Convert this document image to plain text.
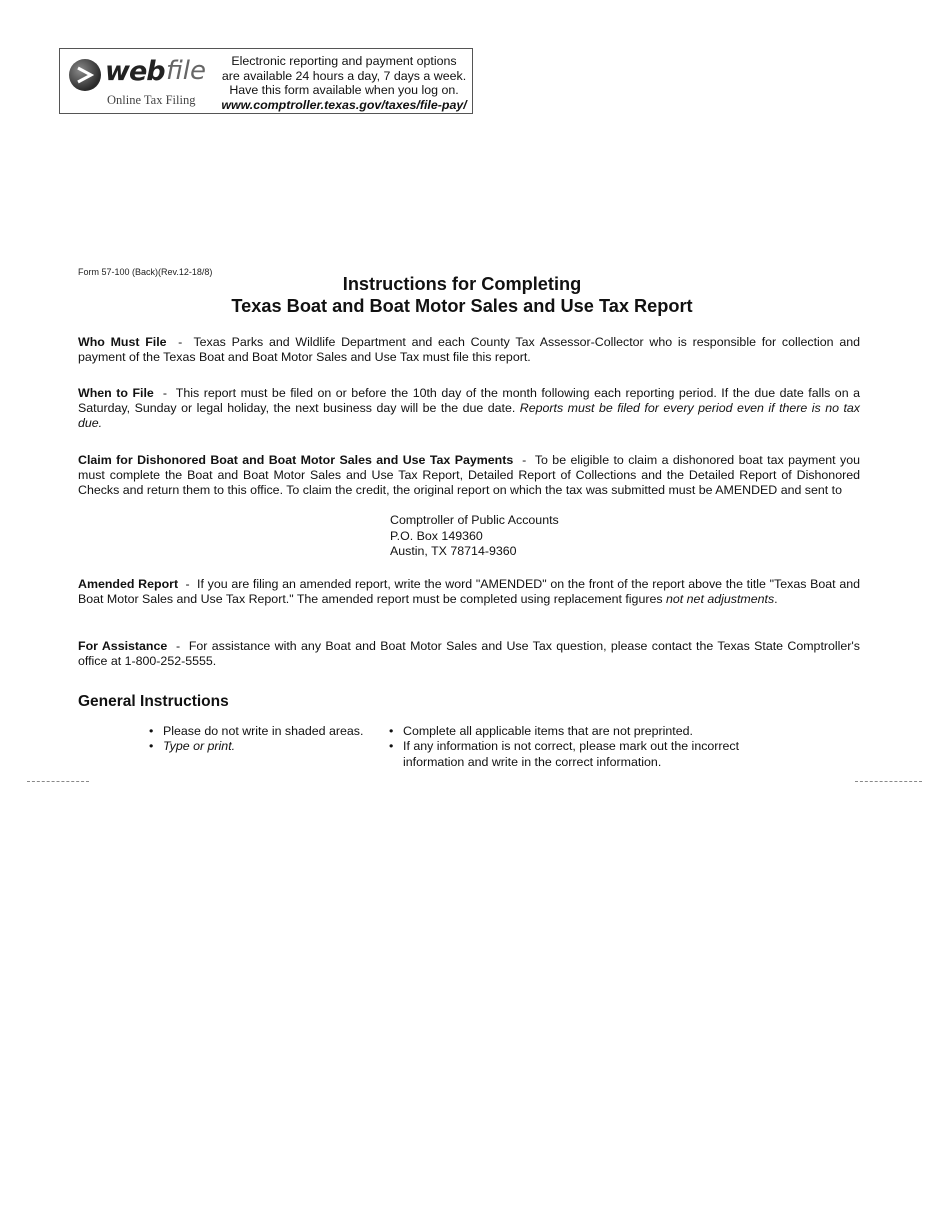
web file
Online Tax Filing
Electronic reporting and payment options
are available 24 hours a day, 7 days a week.
Have this form available when you log on.
www.comptroller.texas.gov/taxes/file-pay/
Form 57-100 (Back)(Rev.12-18/8)
Instructions for Completing
Texas Boat and Boat Motor Sales and Use Tax Report
Who Must File  -  Texas Parks and Wildlife Department and each County Tax Assessor-Collector who is responsible for collection and payment of the Texas Boat and Boat Motor Sales and Use Tax must file this report.
When to File  -  This report must be filed on or before the 10th day of the month following each reporting period. If the due date falls on a Saturday, Sunday or legal holiday, the next business day will be the due date. Reports must be filed for every period even if there is no tax due.
Claim for Dishonored Boat and Boat Motor Sales and Use Tax Payments  -  To be eligible to claim a dishonored boat tax payment you must complete the Boat and Boat Motor Sales and Use Tax Report, Detailed Report of Collections and the Detailed Report of Dishonored Checks and return them to this office. To claim the credit, the original report on which the tax was submitted must be AMENDED and sent to
Comptroller of Public Accounts
P.O. Box 149360
Austin, TX 78714-9360
Amended Report  -  If you are filing an amended report, write the word "AMENDED" on the front of the report above the title "Texas Boat and Boat Motor Sales and Use Tax Report." The amended report must be completed using replacement figures not net adjustments.
For Assistance  -  For assistance with any Boat and Boat Motor Sales and Use Tax question, please contact the Texas State Comptroller's office at 1-800-252-5555.
General Instructions
• Please do not write in shaded areas.
• Type or print.
• Complete all applicable items that are not preprinted.
• If any information is not correct, please mark out the incorrect information and write in the correct information.
